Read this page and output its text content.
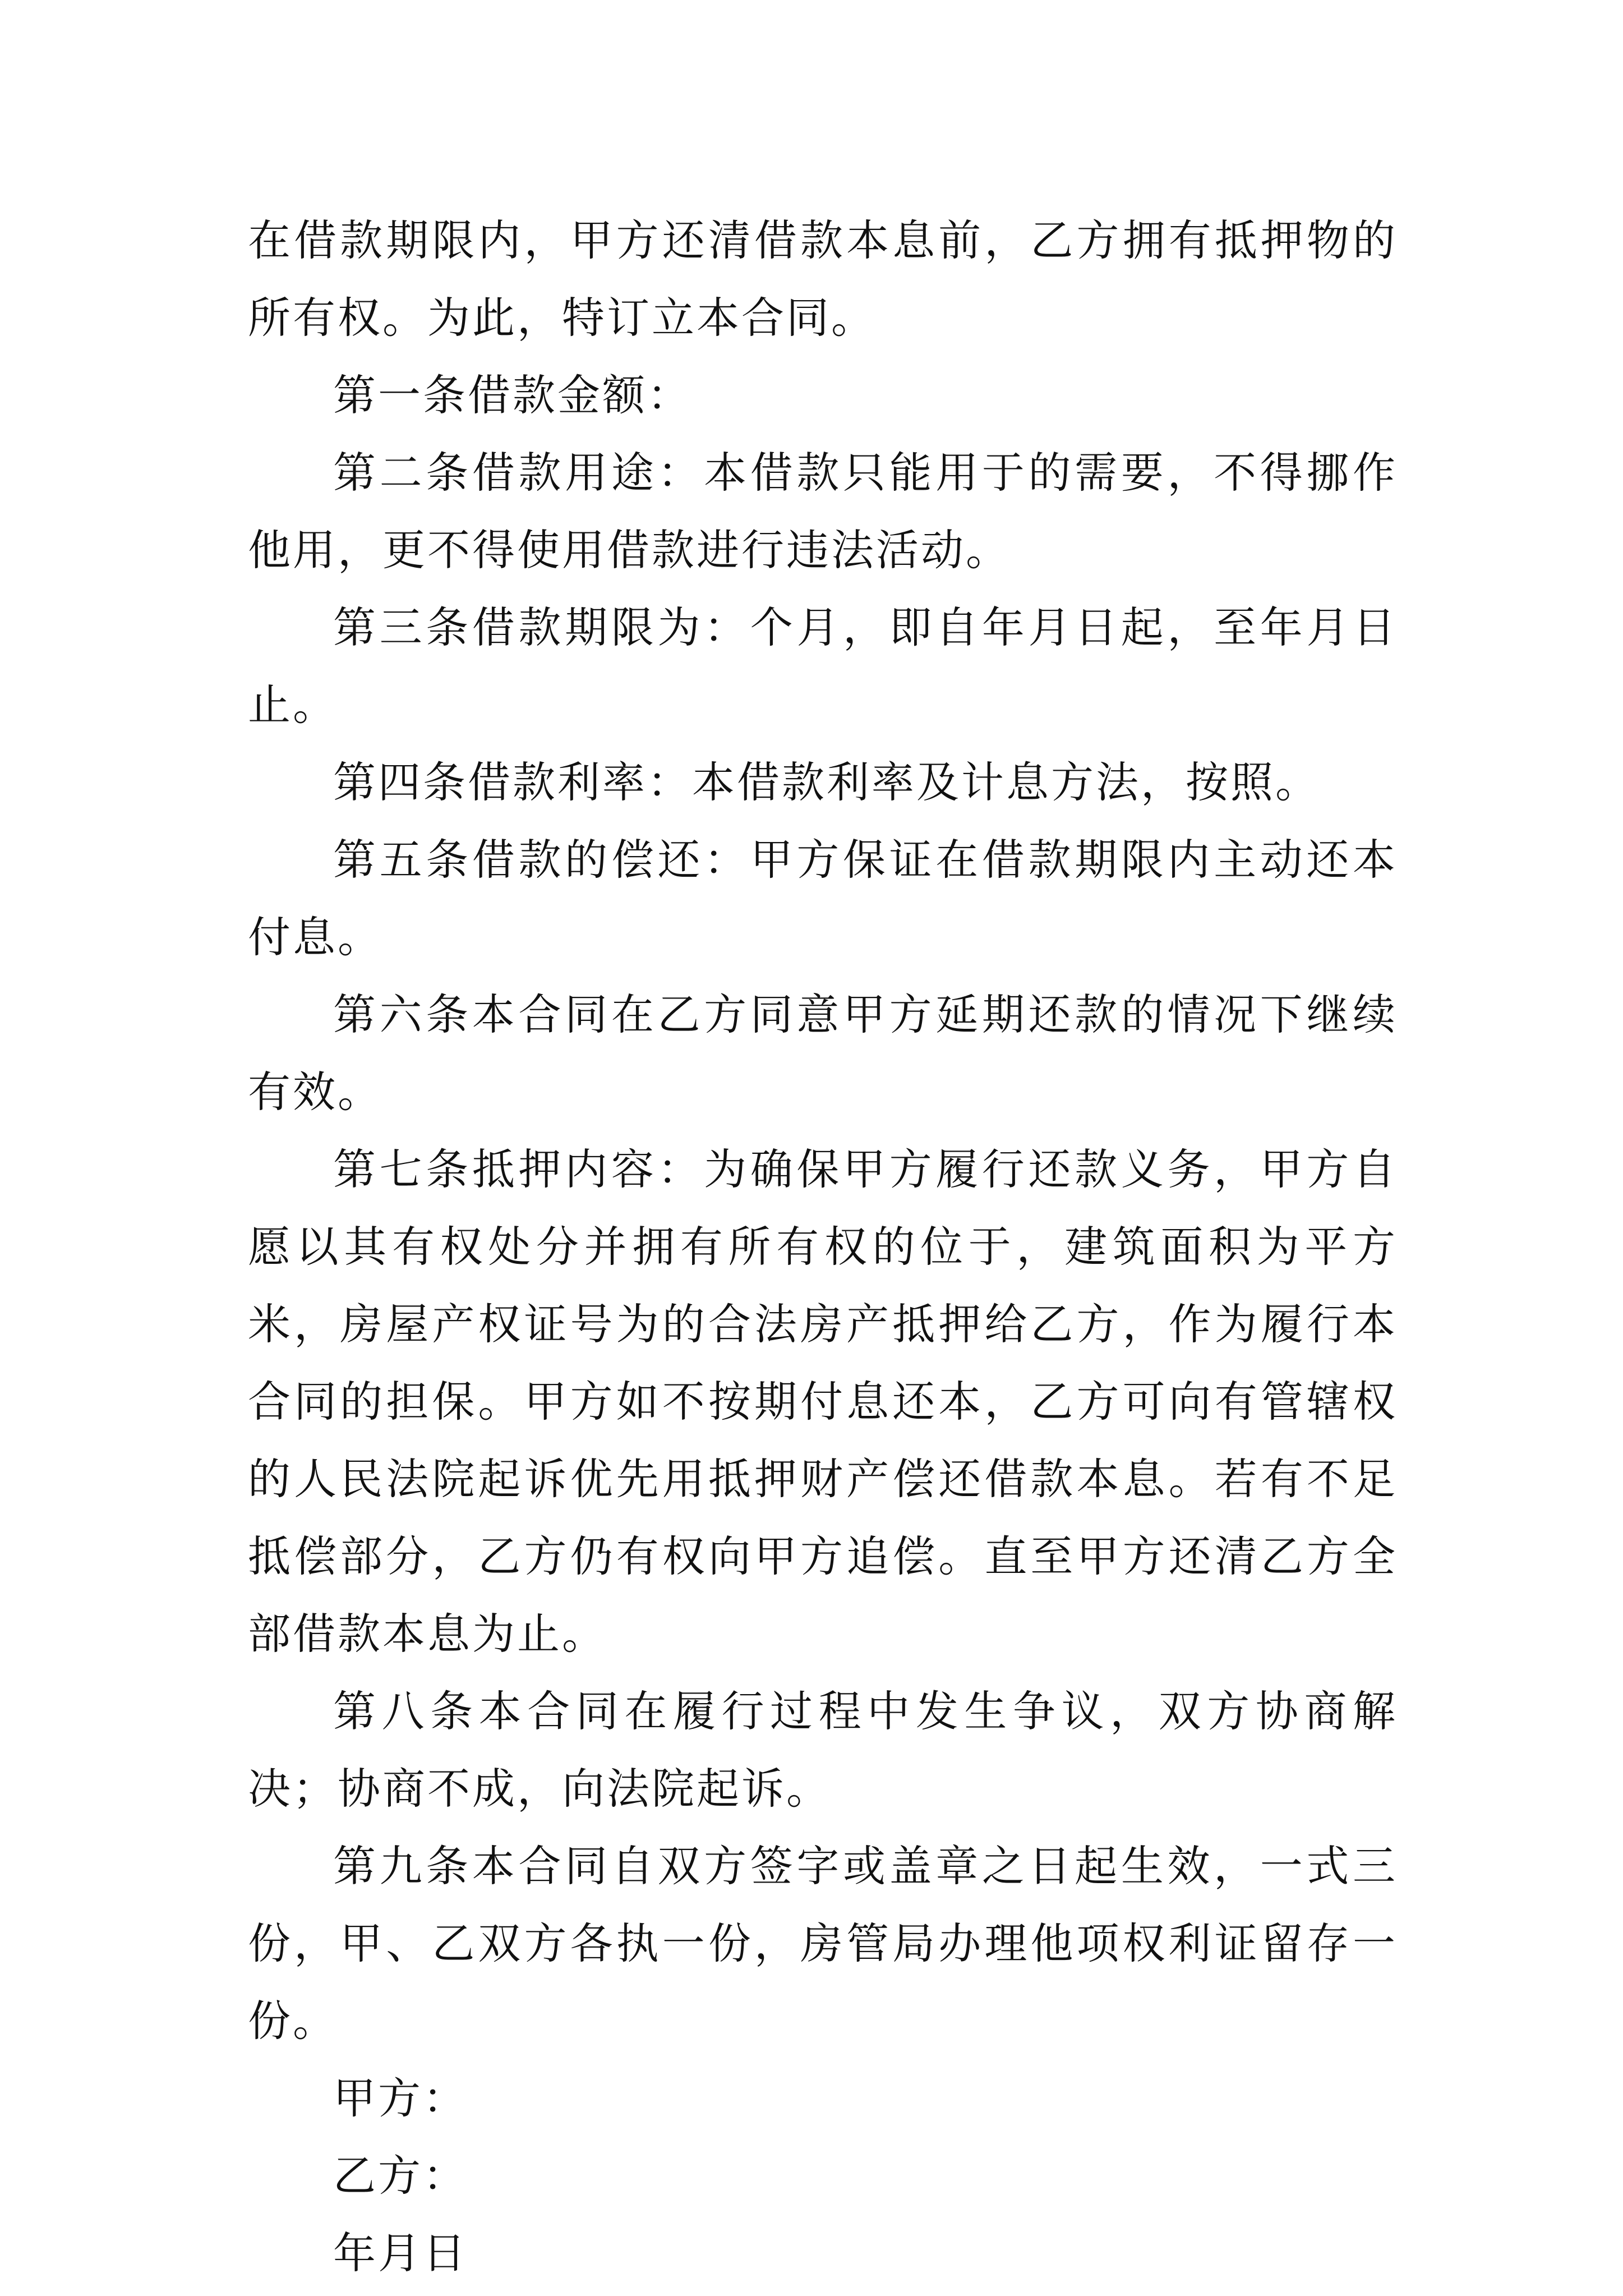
在借款期限内，甲方还清借款本息前，乙方拥有抵押物的所有权。为此，特订立本合同。

第一条借款金额：

第二条借款用途：本借款只能用于的需要，不得挪作他用，更不得使用借款进行违法活动。

第三条借款期限为：个月，即自年月日起，至年月日止。

第四条借款利率：本借款利率及计息方法，按照。

第五条借款的偿还：甲方保证在借款期限内主动还本付息。

第六条本合同在乙方同意甲方延期还款的情况下继续有效。

第七条抵押内容：为确保甲方履行还款义务，甲方自愿以其有权处分并拥有所有权的位于，建筑面积为平方米，房屋产权证号为的合法房产抵押给乙方，作为履行本合同的担保。甲方如不按期付息还本，乙方可向有管辖权的人民法院起诉优先用抵押财产偿还借款本息。若有不足抵偿部分，乙方仍有权向甲方追偿。直至甲方还清乙方全部借款本息为止。

第八条本合同在履行过程中发生争议，双方协商解决；协商不成，向法院起诉。

第九条本合同自双方签字或盖章之日起生效，一式三份，甲、乙双方各执一份，房管局办理他项权利证留存一份。

甲方：

乙方：

年月日
